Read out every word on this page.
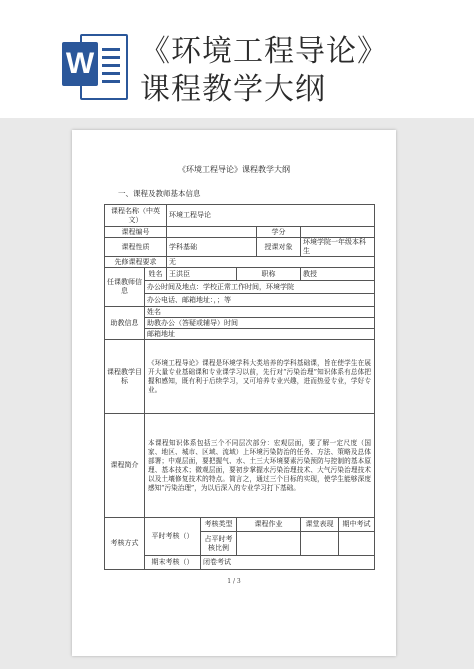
W 《环境工程导论》
课程教学大纲
《环境工程导论》课程教学大纲
一、课程及教师基本信息
课程名称（中英文）		环境工程导论					
课程编号					学分		
课程性质		学科基础			授课对象	环境学院一年级本科生	
先修课程要求		无					
任课教师信息	姓名	王洪臣		职称		教授	
	办公时间及地点：学校正常工作时间，环境学院						
	办公电话、邮箱地址：，；等						
助教信息	姓名						
	助教办公（答疑或辅导）时间						
	邮箱地址						
课程教学目标	《环境工程导论》课程是环境学科大类培养的学科基础课，旨在使学生在展开大量专业基础课和专业课学习以前，先行对“污染治理”知识体系有总体把握和感知，既有利于后续学习，又可培养专业兴趣，进而热爱专业，学好专业。						
课程简介	本课程知识体系包括三个不同层次部分：宏观层面，要了解一定尺度（国家、地区、城市、区域、流域）上环境污染防治的任务、方法、策略及总体部署；中观层面，要把握气、水、土三大环境要素污染预防与控制的基本原理、基本技术；微观层面，要初步掌握水污染治理技术、大气污染治理技术以及土壤修复技术的特点。简言之，通过三个目标的实现，使学生能够深度感知“污染治理”，为以后深入的专业学习打下基础。						
考核方式	平时考核（）		考核类型	课程作业		课堂表现	期中考试
			占平时考核比例				
	期末考核（）		闭卷考试				
1 / 3
